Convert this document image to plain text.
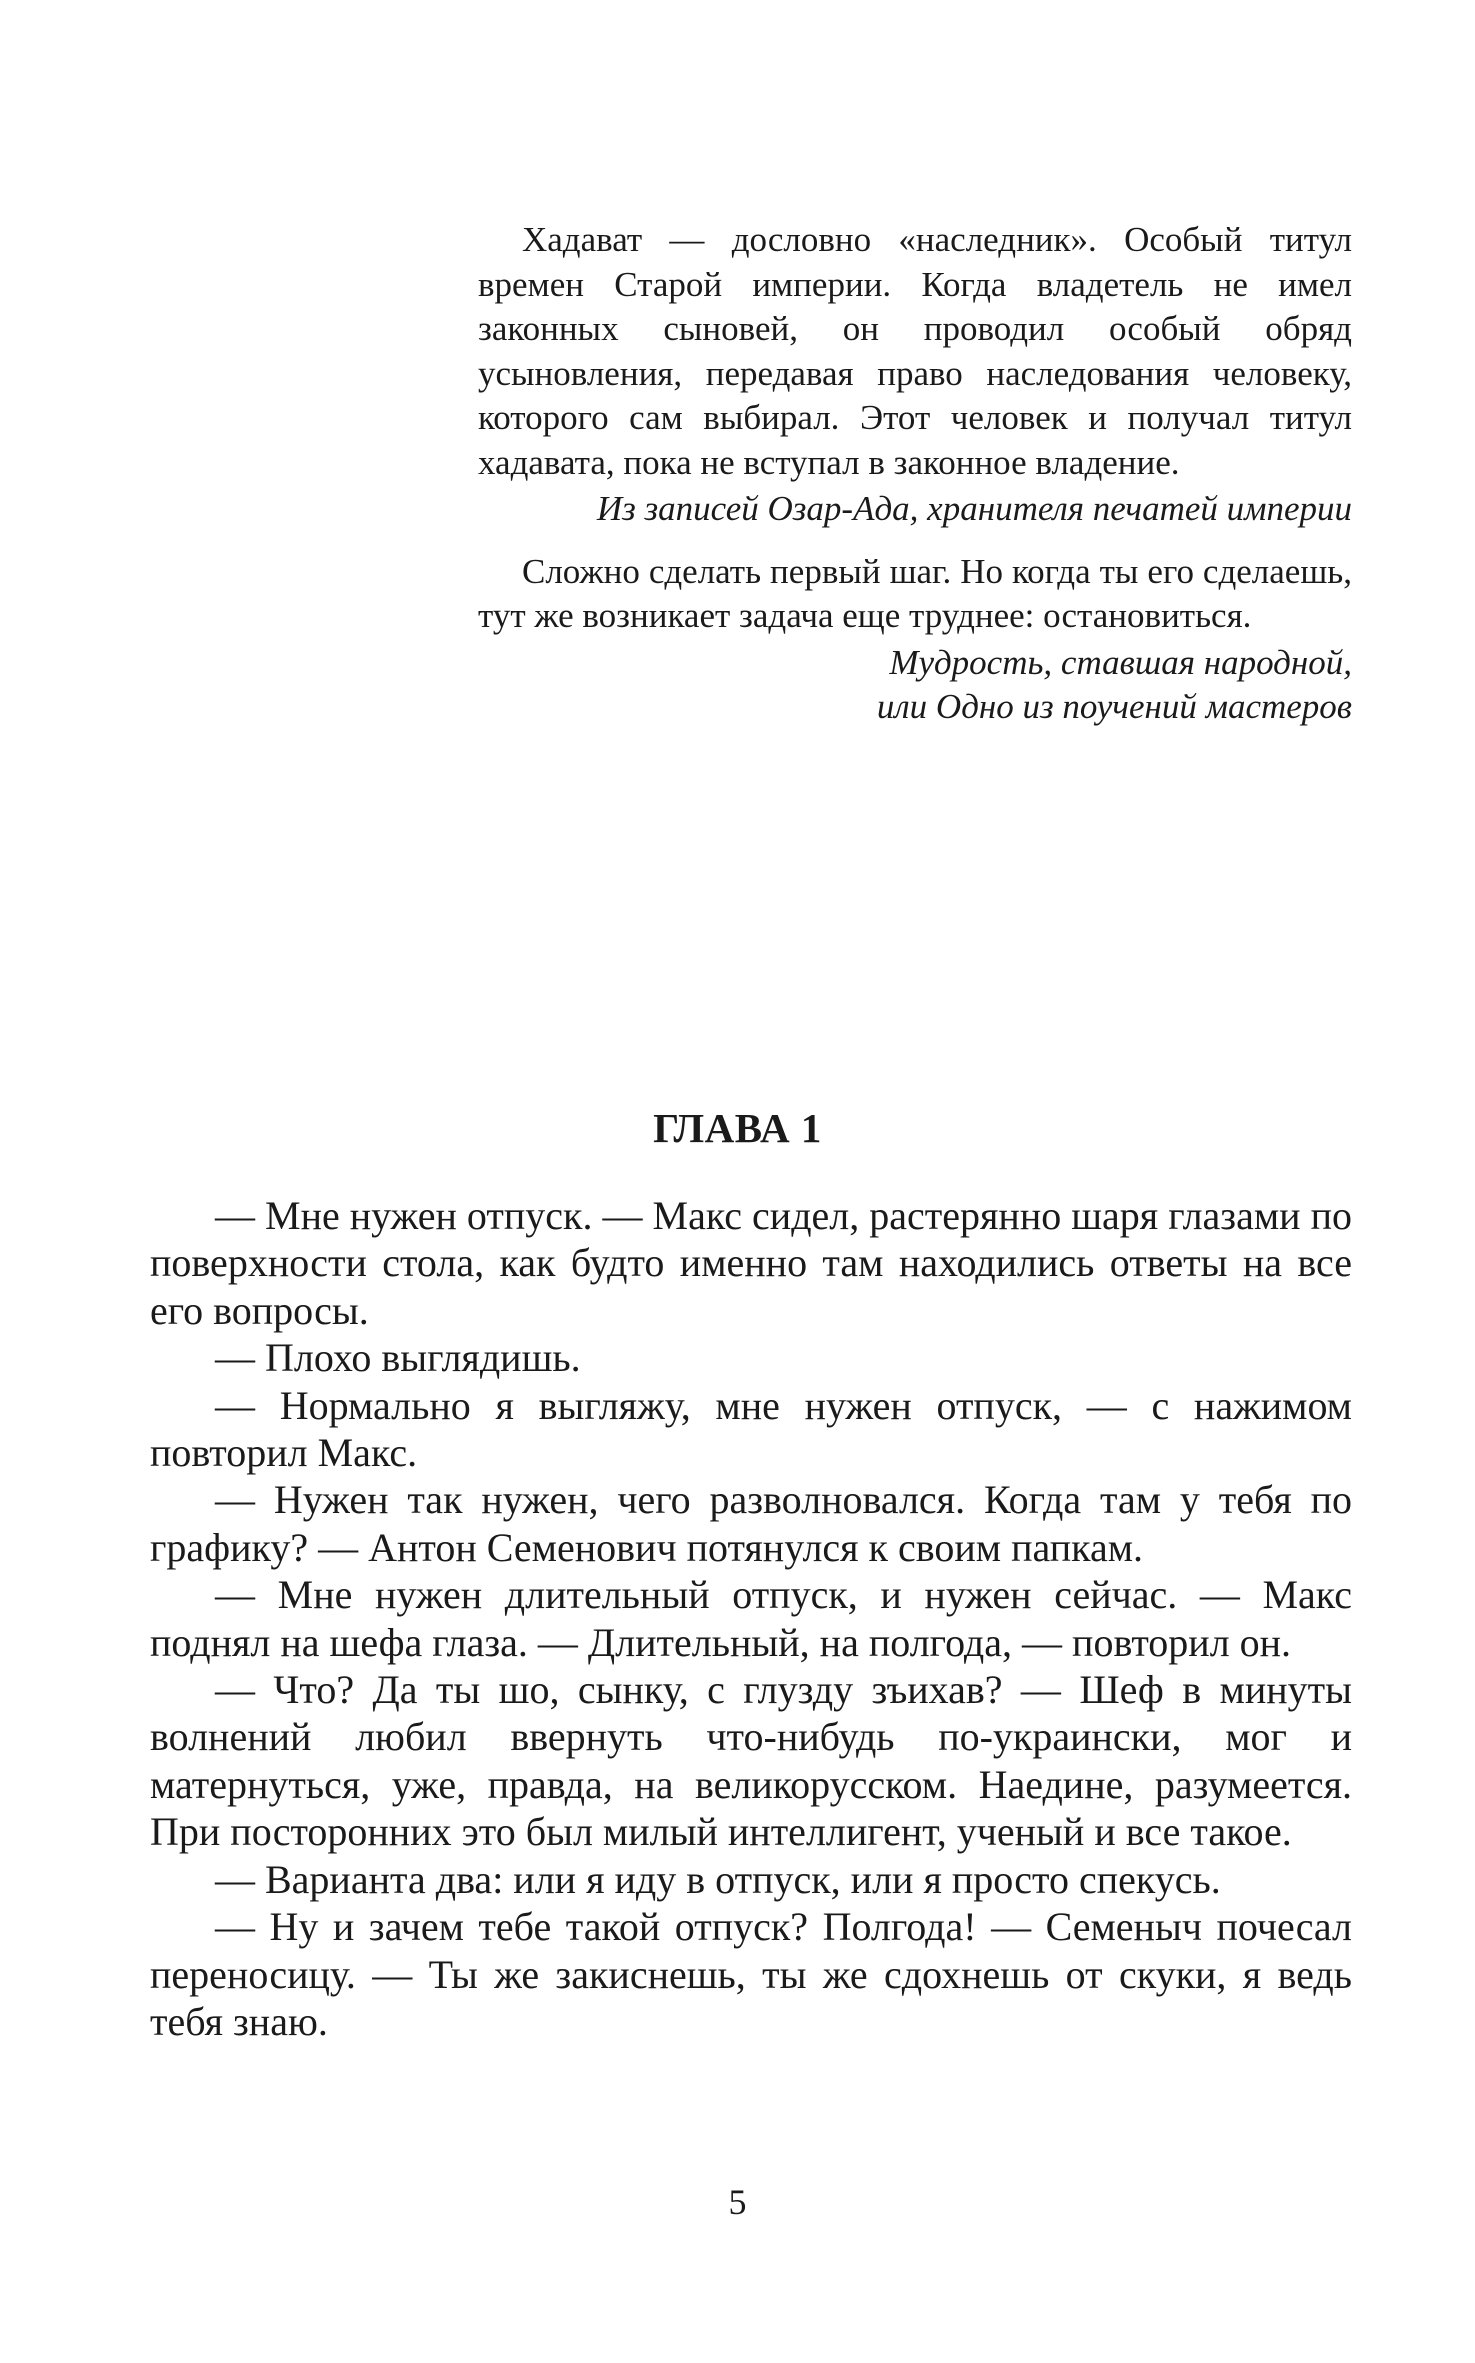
Хадават — дословно «наследник». Особый титул времен Старой империи. Когда владетель не имел законных сыновей, он проводил особый обряд усыновления, передавая право наследования человеку, которого сам выбирал. Этот человек и получал титул хадавата, пока не вступал в законное владение.

Из записей Озар-Ада, хранителя печатей империи

Сложно сделать первый шаг. Но когда ты его сделаешь, тут же возникает задача еще труднее: остановиться.

Мудрость, ставшая народной,
или Одно из поучений мастеров

ГЛАВА 1

— Мне нужен отпуск. — Макс сидел, растерянно шаря глазами по поверхности стола, как будто именно там находились ответы на все его вопросы.

— Плохо выглядишь.

— Нормально я выгляжу, мне нужен отпуск, — с нажимом повторил Макс.

— Нужен так нужен, чего разволновался. Когда там у тебя по графику? — Антон Семенович потянулся к своим папкам.

— Мне нужен длительный отпуск, и нужен сейчас. — Макс поднял на шефа глаза. — Длительный, на полгода, — повторил он.

— Что? Да ты шо, сынку, с глузду зъихав? — Шеф в минуты волнений любил ввернуть что-нибудь по-украински, мог и матернуться, уже, правда, на великорусском. Наедине, разумеется. При посторонних это был милый интеллигент, ученый и все такое.

— Варианта два: или я иду в отпуск, или я просто спекусь.

— Ну и зачем тебе такой отпуск? Полгода! — Семеныч почесал переносицу. — Ты же закиснешь, ты же сдохнешь от скуки, я ведь тебя знаю.

5
